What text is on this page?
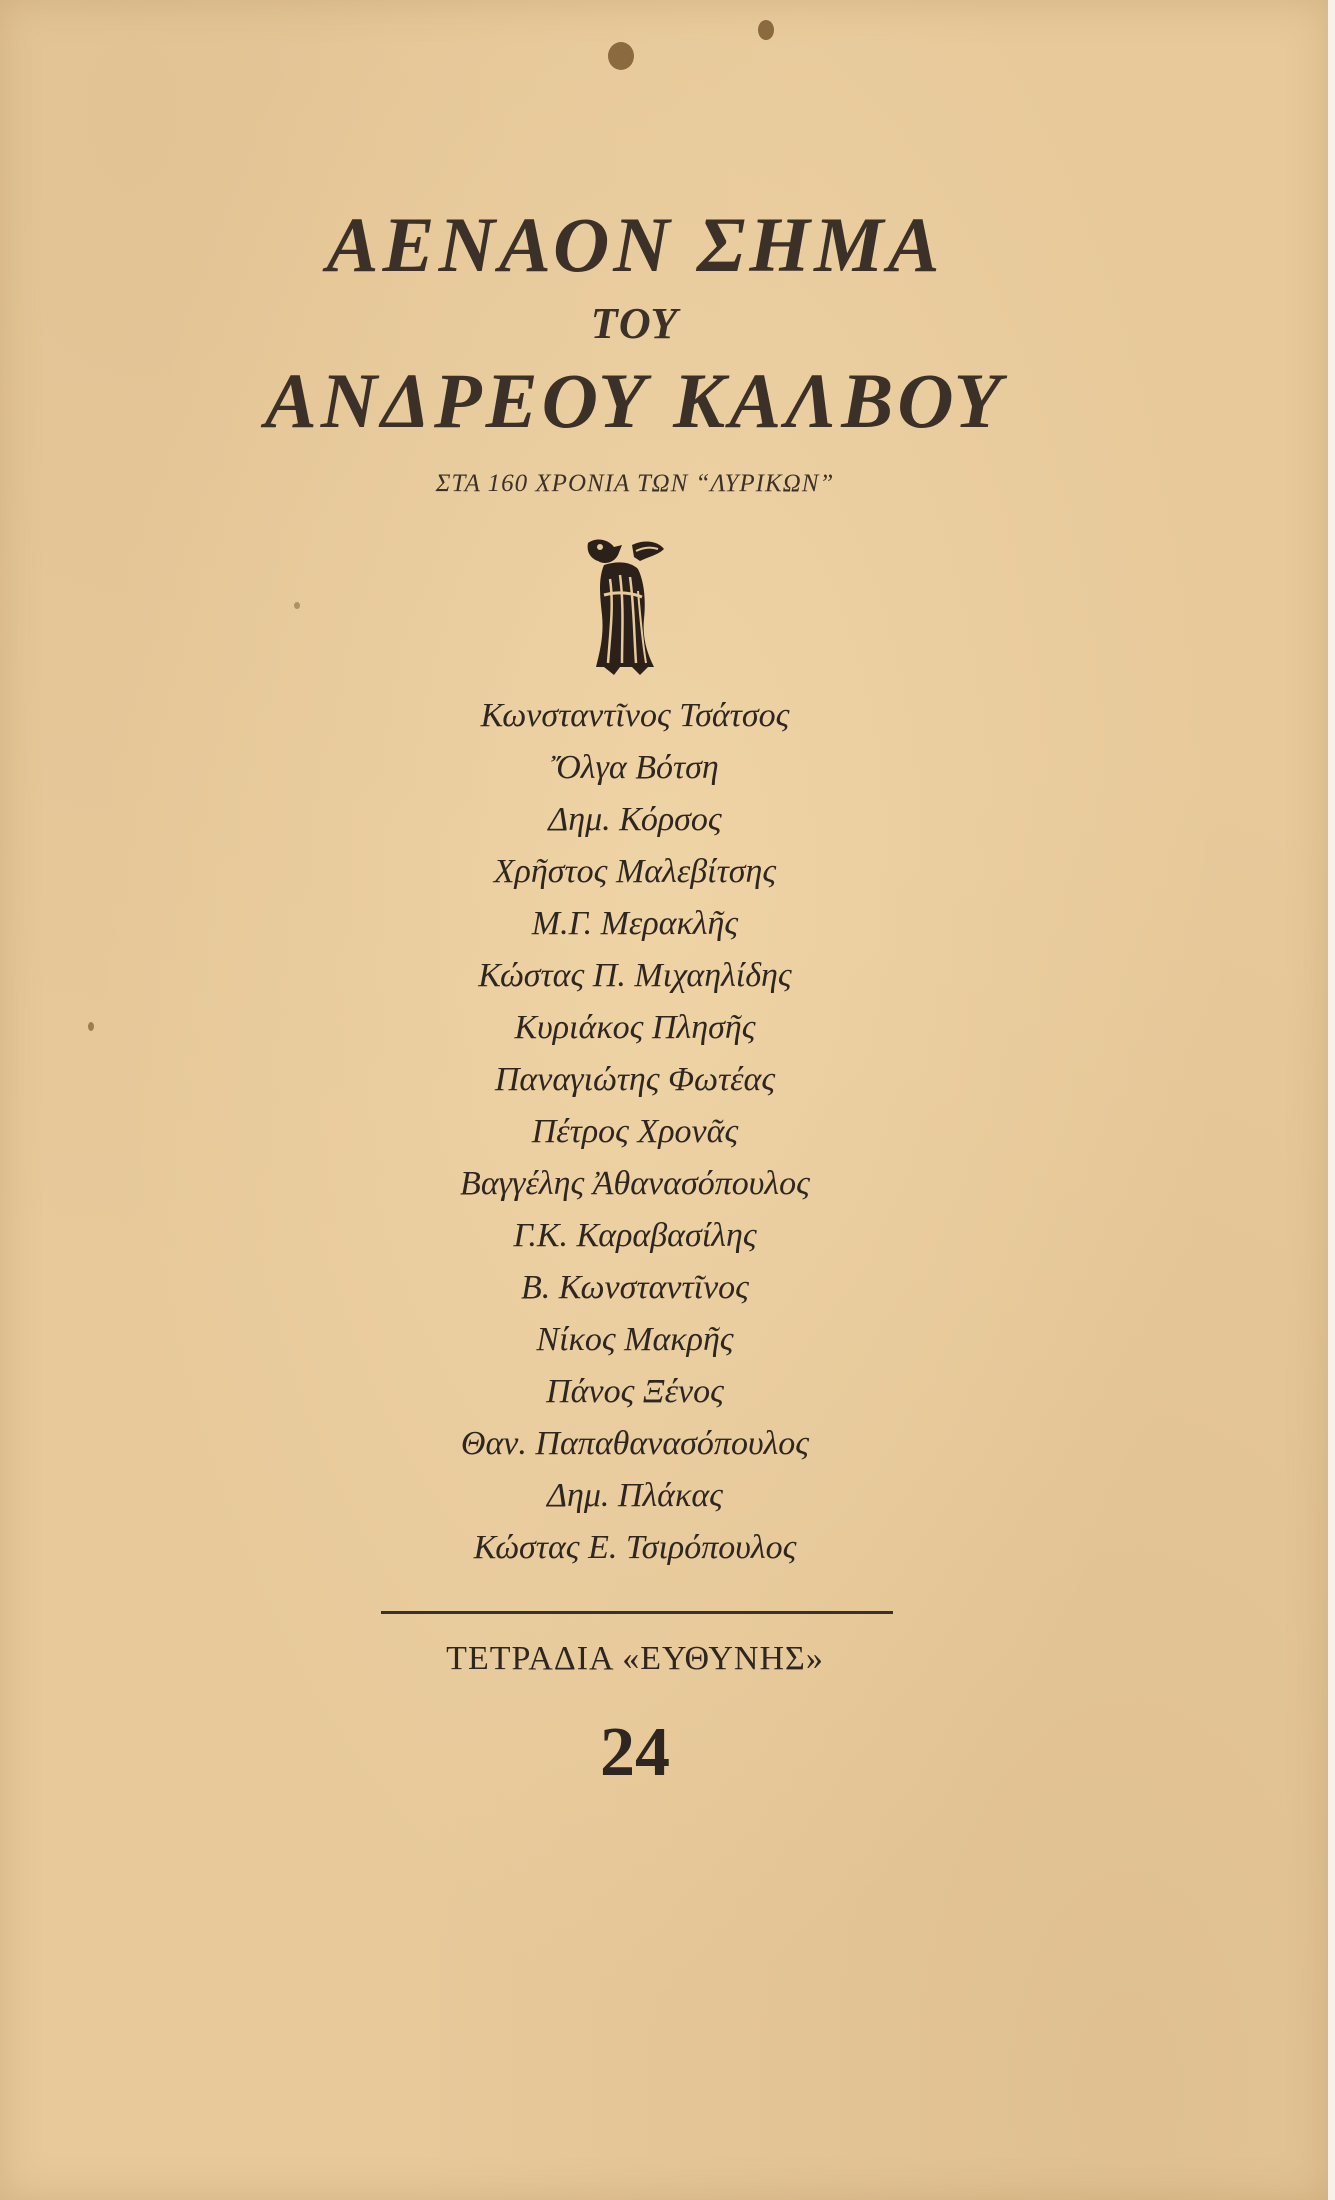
ΑΕΝΑΟΝ ΣΗΜΑ
ΤΟΥ
ΑΝΔΡΕΟΥ ΚΑΛΒΟΥ
ΣΤΑ 160 ΧΡΟΝΙΑ ΤΩΝ “ΛΥΡΙΚΩΝ”
Κωνσταντῖνος Τσάτσος
Ὄλγα Βότση
Δημ. Κόρσος
Χρῆστος Μαλεβίτσης
Μ.Γ. Μερακλῆς
Κώστας Π. Μιχαηλίδης
Κυριάκος Πλησῆς
Παναγιώτης Φωτέας
Πέτρος Χρονᾶς
Βαγγέλης Ἀθανασόπουλος
Γ.Κ. Καραβασίλης
Β. Κωνσταντῖνος
Νίκος Μακρῆς
Πάνος Ξένος
Θαν. Παπαθανασόπουλος
Δημ. Πλάκας
Κώστας Ε. Τσιρόπουλος
ΤΕΤΡΑΔΙΑ «ΕΥΘΥΝΗΣ»
24
